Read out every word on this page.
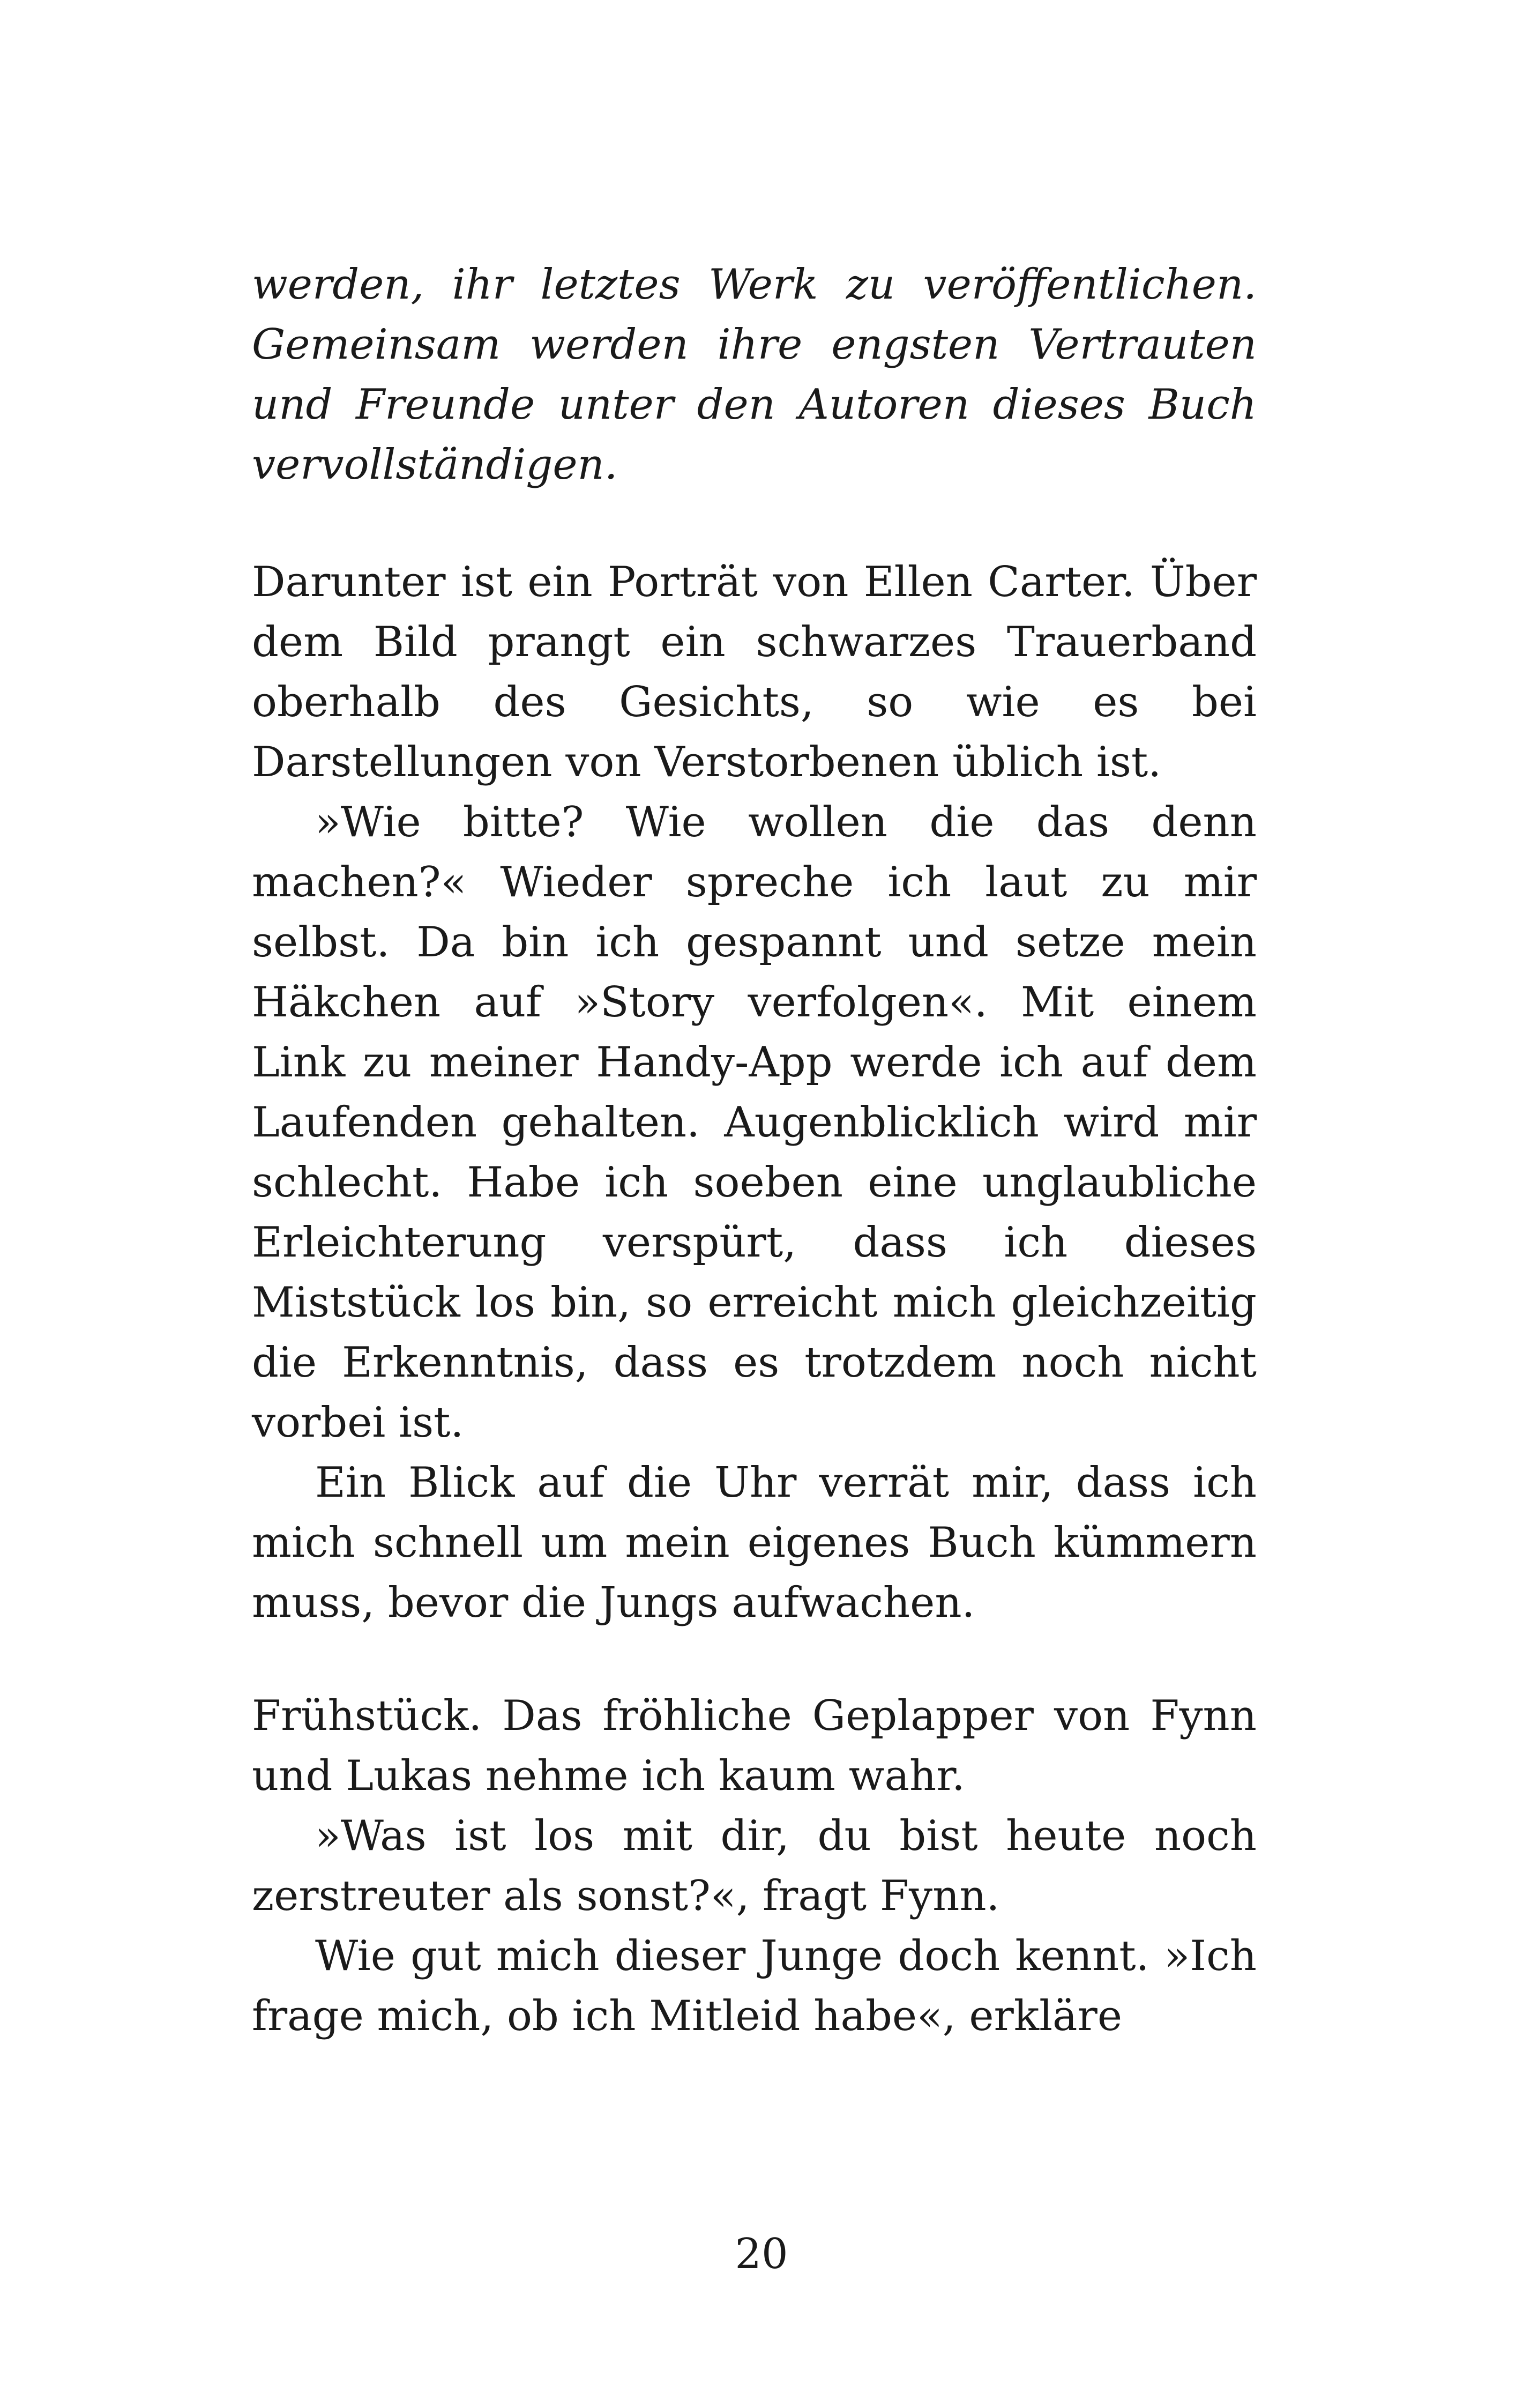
werden, ihr letztes Werk zu veröffentlichen. Gemeinsam werden ihre engsten Vertrauten und Freunde unter den Autoren dieses Buch vervollständigen.

Darunter ist ein Porträt von Ellen Carter. Über dem Bild prangt ein schwarzes Trauerband oberhalb des Gesichts, so wie es bei Darstellungen von Verstorbenen üblich ist.

»Wie bitte? Wie wollen die das denn machen?« Wieder spreche ich laut zu mir selbst. Da bin ich gespannt und setze mein Häkchen auf »Story verfolgen«. Mit einem Link zu meiner Handy-App werde ich auf dem Laufenden gehalten. Augenblicklich wird mir schlecht. Habe ich soeben eine unglaubliche Erleichterung verspürt, dass ich dieses Miststück los bin, so erreicht mich gleichzeitig die Erkenntnis, dass es trotzdem noch nicht vorbei ist.

Ein Blick auf die Uhr verrät mir, dass ich mich schnell um mein eigenes Buch kümmern muss, bevor die Jungs aufwachen.

Frühstück. Das fröhliche Geplapper von Fynn und Lukas nehme ich kaum wahr.

»Was ist los mit dir, du bist heute noch zerstreuter als sonst?«, fragt Fynn.

Wie gut mich dieser Junge doch kennt. »Ich frage mich, ob ich Mitleid habe«, erkläre

20
